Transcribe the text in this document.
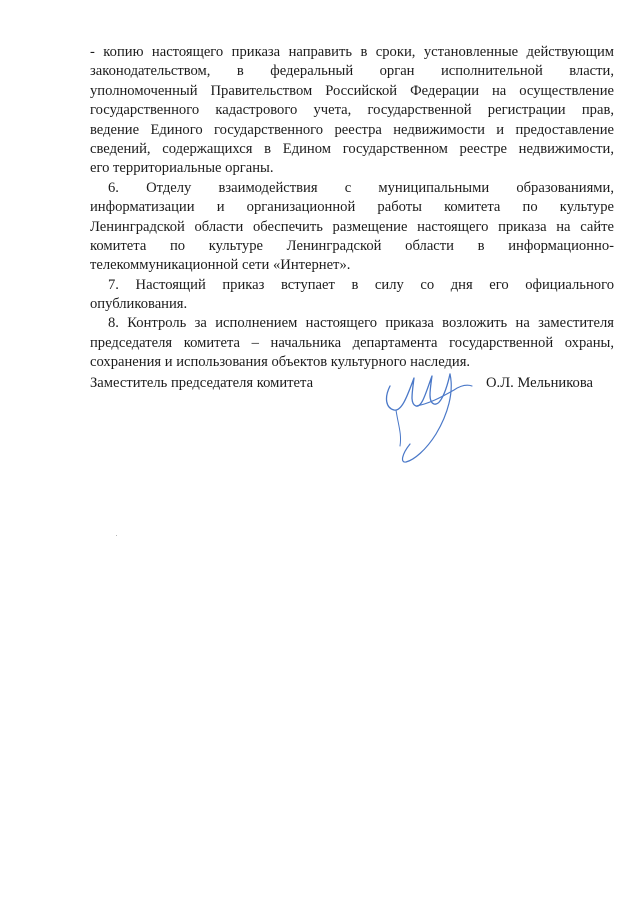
- копию настоящего приказа направить в сроки, установленные действующим
законодательством, в федеральный орган исполнительной власти,
уполномоченный Правительством Российской Федерации на осуществление
государственного кадастрового учета, государственной регистрации прав,
ведение Единого государственного реестра недвижимости и предоставление
сведений, содержащихся в Едином государственном реестре недвижимости,
его территориальные органы.
6. Отделу взаимодействия с муниципальными образованиями,
информатизации и организационной работы комитета по культуре
Ленинградской области обеспечить размещение настоящего приказа на сайте
комитета по культуре Ленинградской области в информационно-
телекоммуникационной сети «Интернет».
7. Настоящий приказ вступает в силу со дня его официального
опубликования.
8. Контроль за исполнением настоящего приказа возложить на заместителя
председателя комитета – начальника департамента государственной охраны,
сохранения и использования объектов культурного наследия.
Заместитель председателя комитета	О.Л. Мельникова
